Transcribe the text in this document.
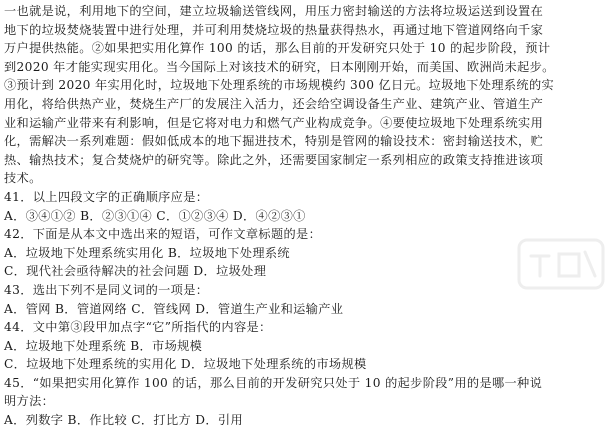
一也就是说，利用地下的空间，建立垃圾输送管线网，用压力密封输送的方法将垃圾运送到设置在
地下的垃圾焚烧装置中进行处理，并可利用焚烧垃圾的热量获得热水，再通过地下管道网络向千家
万户提供热能。②如果把实用化算作 100 的话，那么目前的开发研究只处于 10 的起步阶段，预计
到2020 年才能实现实用化。当今国际上对该技术的研究，日本刚刚开始，而美国、欧洲尚未起步。
③预计到 2020 年实用化时，垃圾地下处理系统的市场规模约 300 亿日元。垃圾地下处理系统的实
用化，将给供热产业，焚烧生产厂的发展注入活力，还会给空调设备生产业、建筑产业、管道生产
业和运输产业带来有利影响，但是它将对电力和燃气产业构成竞争。④要使垃圾地下处理系统实用
化，需解决一系列难题：假如低成本的地下掘进技术，特别是管网的输设技术：密封输送技术，贮
热、输热技术；复合焚烧炉的研究等。除此之外，还需要国家制定一系列相应的政策支持推进该项
技术。
41．以上四段文字的正确顺序应是：
A．③④①② B．②③①④ C．①②③④ D．④②③①
42．下面是从本文中选出来的短语，可作文章标题的是：
A．垃圾地下处理系统实用化 B．垃圾地下处理系统
C．现代社会亟待解决的社会问题 D．垃圾处理
43．选出下列不是同义词的一项是：
A．管网 B．管道网络 C．管线网 D．管道生产业和运输产业
44．文中第③段甲加点字“它”所指代的内容是：
A．垃圾地下处理系统 B．市场规模
C．垃圾地下处理系统的实用化 D．垃圾地下处理系统的市场规模
45．“如果把实用化算作 100 的话，那么目前的开发研究只处于 10 的起步阶段”用的是哪一种说
明方法：
A．列数字 B．作比较 C．打比方 D．引用
